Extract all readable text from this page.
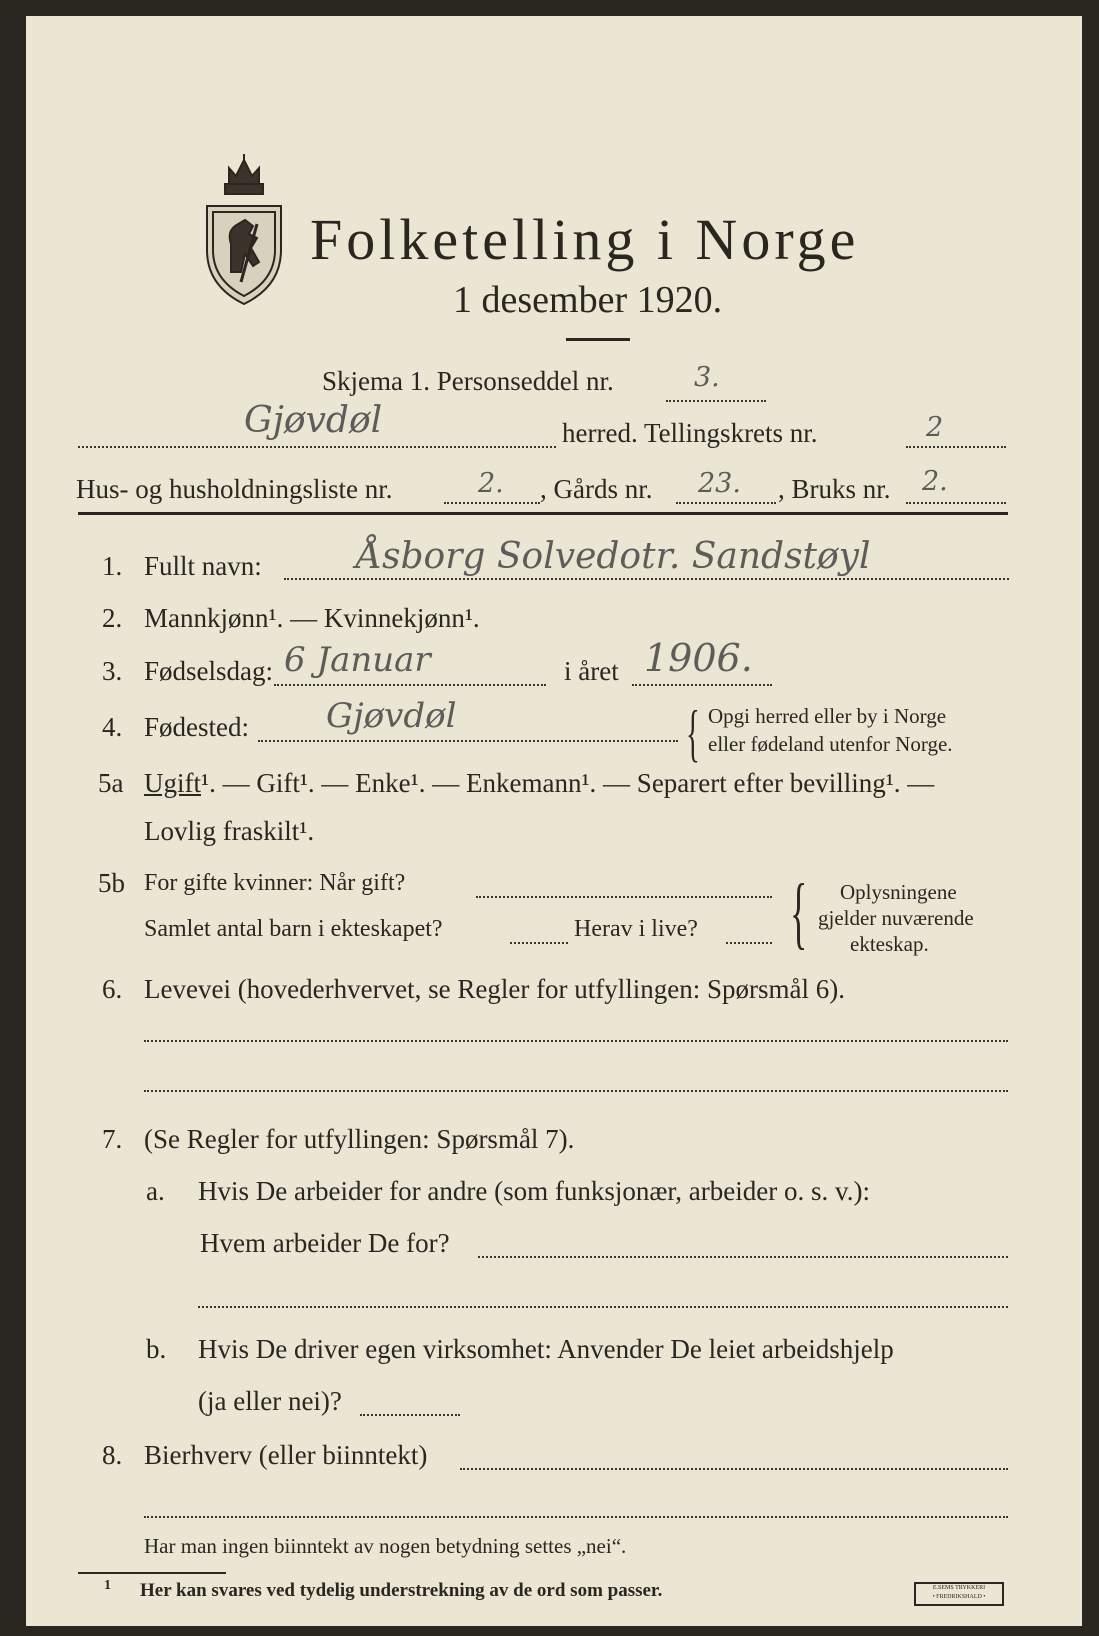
Folketelling i Norge
1 desember 1920.
Skjema 1. Personseddel nr.	3.
Gjøvdøl	herred. Tellingskrets nr.	2
Hus- og husholdningsliste nr.	2. , Gårds nr. 23. , Bruks nr. 2.
1. Fullt navn:	Åsborg Solvedotr. Sandstøyl
2. Mannkjønn¹. — Kvinnekjønn¹.
3. Fødselsdag: 6 Januar	i året 1906.
4. Fødested: Gjøvdøl	{ Opgi herred eller by i Norge
eller fødeland utenfor Norge.
5a Ugift¹. — Gift¹. — Enke¹. — Enkemann¹. — Separert efter bevilling¹. —
Lovlig fraskilt¹.
5b For gifte kvinner: Når gift?
Samlet antal barn i ekteskapet?	Herav i live? { Oplysningene
gjelder nuværende
ekteskap.
6. Levevei (hovederhvervet, se Regler for utfyllingen: Spørsmål 6).
7. (Se Regler for utfyllingen: Spørsmål 7).
a. Hvis De arbeider for andre (som funksjonær, arbeider o. s. v.):
Hvem arbeider De for?
b. Hvis De driver egen virksomhet: Anvender De leiet arbeidshjelp
(ja eller nei)?
8. Bierhverv (eller biinntekt)
Har man ingen biinntekt av nogen betydning settes „nei“.
1 Her kan svares ved tydelig understrekning av de ord som passer.	E.SEMS TRYKKERI
• FREDRIKSHALD •
